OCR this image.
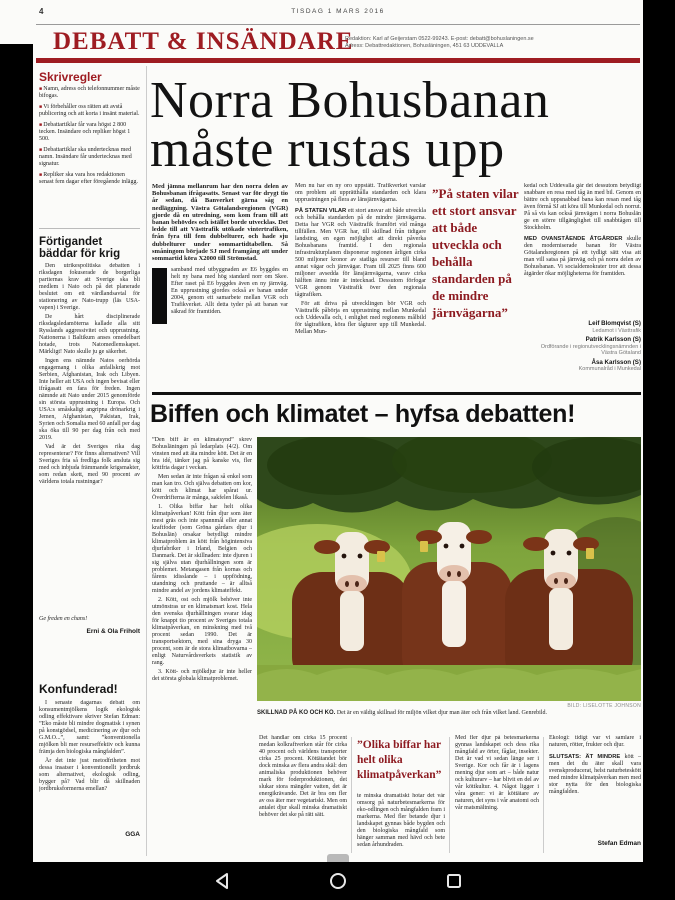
4	TISDAG 1 MARS 2016
DEBATT & INSÄNDARE
Redaktion: Karl af Geijerstam 0522-99243. E-post: debatt@bohuslaningen.se
Adress: Debattredaktionen, Bohusläningen, 451 63 UDDEVALLA
Skrivregler
■ Namn, adress och telefonnummer måste bifogas.
■ Vi förbehåller oss rätten att avstå publicering och att korta i insänt material.
■ Debattartiklar får vara högst 2 800 tecken. Insändare och repliker högst 1 500.
■ Debattartiklar ska undertecknas med namn. Insändare får undertecknas med signatur.
■ Repliker ska vara hos redaktionen senast fem dagar efter föregående inlägg.
Förtigandet bäddar för krig

Den utrikespolitiska debatten i riksdagen fokuserade de borgerliga partiernas krav att Sverige ska bli medlem i Nato och på det planerade beslutet om ett värdlandsavtal för stationering av Nato-trupp (läs USA-vapen) i Sverige.

De hårt disciplinerade riksdagsledamöterna kallade alla sitt Rysslands aggressivitet och upprustning. Nationerna i Baltikum anses omedelbart hotade, trots Natomedlemskapet. Märkligt! Nato skulle ju ge säkerhet.

Ingen ens nämnde Natos oerhörda engagemang i olika anfallskrig mot Serbien, Afghanistan, Irak och Libyen. Inte heller att USA och ingen bevisat eller ifrågasatt en fara för freden. Ingen nämnde att Nato under 2015 genomförde sin största upprustning i Europa. Och USA:s småskaligt angripna drönarkrig i Jemen, Afghanistan, Pakistan, Irak, Syrien och Somalia med 60 anfall per dag ska öka till 90 per dag från och med 2019.

Vad är det Sveriges rika dag representerar? För finns alternativen? Vill Sveriges fria så fredliga folk ansluta sig med och inbjuda främmande krigsmakter, som redan skett, med 90 procent av världens totala rustningar?

Ge freden en chans!
Erni & Ola Friholt
Konfunderad!

I senaste dagarnas debatt om konsumentmjölkens logik ekologisk odling effektivare skriver Stefan Edman: ”Eko måste bli mindre dogmatisk i synen på konstgödsel, medicinering av djur och G.M.O...”, samt: ”konventionella mjölken bli mer resurseffektiv och kunna främja den biologiska mångfalden”.

Är det inte just metodfriheten mot dessa insatser i konventionellt jordbruk som alternativet, ekologisk odling, bygger på? Vad blir då skillnaden jordbruksformerna emellan?

GGA
Norra Bohusbanan
måste rustas upp

Med jämna mellanrum har den norra delen av Bohusbanan ifrågasatts. Senast var för drygt tio år sedan, då Banverket gärna såg en nedläggning. Västra Götalandsregionen (VGR) gjorde då en utredning, som kom fram till att banan behövdes och istället borde utvecklas. Det ledde till att Västtrafik utökade vintertrafiken, från fyra till fem dubbelturer, och hade sju dubbelturer under sommartidtabellen. Så småningom började SJ med framgång att under sommartid köra X2000 till Strömstad.

samband med utbyggnaden av E6 byggdes en helt ny bana med hög standard norr om Skee. Efter raset på E6 byggdes även en ny järnväg. En upprustning gjordes också av banan under 2004, genom ett samarbete mellan VGR och Trafikverket. Allt detta tyder på att banan var säkrad för framtiden.

Men nu har en ny oro uppstått. Trafikverket varslar om problem att upprätthålla standarden och klara upprustningen på flera av länsjärnvägarna.

PÅ STATEN VILAR ett stort ansvar att både utveckla och behålla standarden på de mindre järnvägarna. Detta har VGR och Västtrafik framfört vid många tillfällen. Men VGR har, till skillnad från tidigare landsting, en egen möjlighet att direkt påverka Bohusbanans framtid. I den regionala infrastrukturplanen disponerar regionen årligen cirka 500 miljoner kronor av statliga resurser till bland annat vägar och järnvägar. Fram till 2025 finns 600 miljoner avsedda för länsjärnvägarna, varav cirka hälften ännu inte är intecknad. Dessutom förfogar VGR genom Västtrafik över den regionala tågtrafiken.

För att driva på utvecklingen bör VGR och Västtrafik påbörja en upprustning mellan Munkedal och Uddevalla och, i enlighet med regionens målbild för tågtrafiken, köra fler tågturer upp till Munkedal. Mellan Mun-

”På staten vilar ett stort ansvar att både utveckla och behålla standarden på de mindre järnvägarna”

kedal och Uddevalla går det dessutom betydligt snabbare en resa med tåg än med bil. Genom en bättre och uppsnabbad bana kan resan med tåg även förmå SJ att köra till Munkedal och norrut. På så vis kan också järnvägen i norra Bohuslän ge en större tillgänglighet till snabbtågen till Stockholm.

MED OVANSTÅENDE ÅTGÄRDER skulle den moderniserade banan för Västra Götalandsregionen på ett tydligt sätt visa att man vill satsa på järnväg och på norra delen av Bohusbanan. Vi socialdemokrater tror att dessa åtgärder ökar möjligheterna för framtiden.

Leif Blomqvist (S)
Ledamot i Västtrafik
Patrik Karlsson (S)
Ordförande i regionutvecklingsnämnden i Västra Götaland
Åsa Karlsson (S)
Kommunalråd i Munkedal
Biffen och klimatet – hyfsa debatten!
BILD: LISELOTTE JOHNSON
SKILLNAD PÅ KO OCH KO. Det är en väldig skillnad för miljön vilket djur man äter och från vilket land. Genrebild.

”Den biff är en klimatsynd” skrev Bohusläningen på ledarplats (4/2). Om vinsten med att äta mindre kött. Det är en bra idé, tänker jag på kanske vis, fler köttfria dagar i veckan.

Men sedan är inte frågan så enkel som man kan tro. Och själva debatten om kor, kött och klimat har spårat ur. Överdrifterna är många, sakfelen likaså.

1. Olika biffar har helt olika klimatpåverkan! Kött från djur som äter mest gräs och inte spannmål eller annat kraftfoder (som Gröna gårdars djur i Bohuslän) orsakar betydligt mindre klimatproblem än kött från högintensiva djurfabriker i Irland, Belgien och Danmark. Det är skillnaden: inte djuren i sig själva utan djurhållningen som är problemet. Metangasen från kornas och fårens idisslande – i uppfödning, utandning och pruttande – är alltså mindre andel av jordens klimateffekt.

2. Kött, ost och mjölk behöver inte utmönstras ur en klimatsmart kost. Hela den svenska djurhållningen svarar idag för knappt tio procent av Sveriges totala klimatpåverkan, en minskning med två procent sedan 1990. Det är transportsektorn, med sina dryga 30 procent, som är de stora klimatbovarna – enligt Naturvårdsverkets statistik av rang.

3. Kött- och mjölkdjur är inte heller det största globala klimatproblemet.

Det handlar om cirka 15 procent medan kolkraftverken står för cirka 40 procent och världens transporter cirka 25 procent. Köttätandet bör dock minska av flera andra skäl: den animaliska produktionen behöver mark för foderproduktionen, det slukar stora mängder vatten, det är energikrävande. Det är bra om fler av oss äter mer vegetariskt. Men om antalet djur skall minska dramatiskt behöver det ske på rätt sätt.

”Olika biffar har helt olika klimatpåverkan”

te minska dramatiskt hotar det vår omsorg på naturbetesmarkerna för eko-odlingen och mångfalden fram i markerna. Med fler betande djur i landskapet gynnas både bygden och den biologiska mångfald som hänger samman med hävd och bete sedan århundraden.

Med fler djur på betesmarkerna gynnas landskapet och dess rika mångfald av örter, fåglar, insekter. Det är vad vi sedan länge ser i Sverige. Kor och får är i lagens mening djur som art – både natur och kulturarv – har blivit en del av vår köttkultur. 4. Något ligger i våra gener: vi är köttätare av naturen, det syns i vår anatomi och vår matsmältning.

Ekologi: tidigt var vi samlare i naturen, rötter, frukter och djur.

SLUTSATS: ÄT MINDRE kött – men det du äter skall vara svenskproducerat, helst naturbeteskött med mindre klimatpåverkan men med stor nytta för den biologiska mångfalden.

Stefan Edman
